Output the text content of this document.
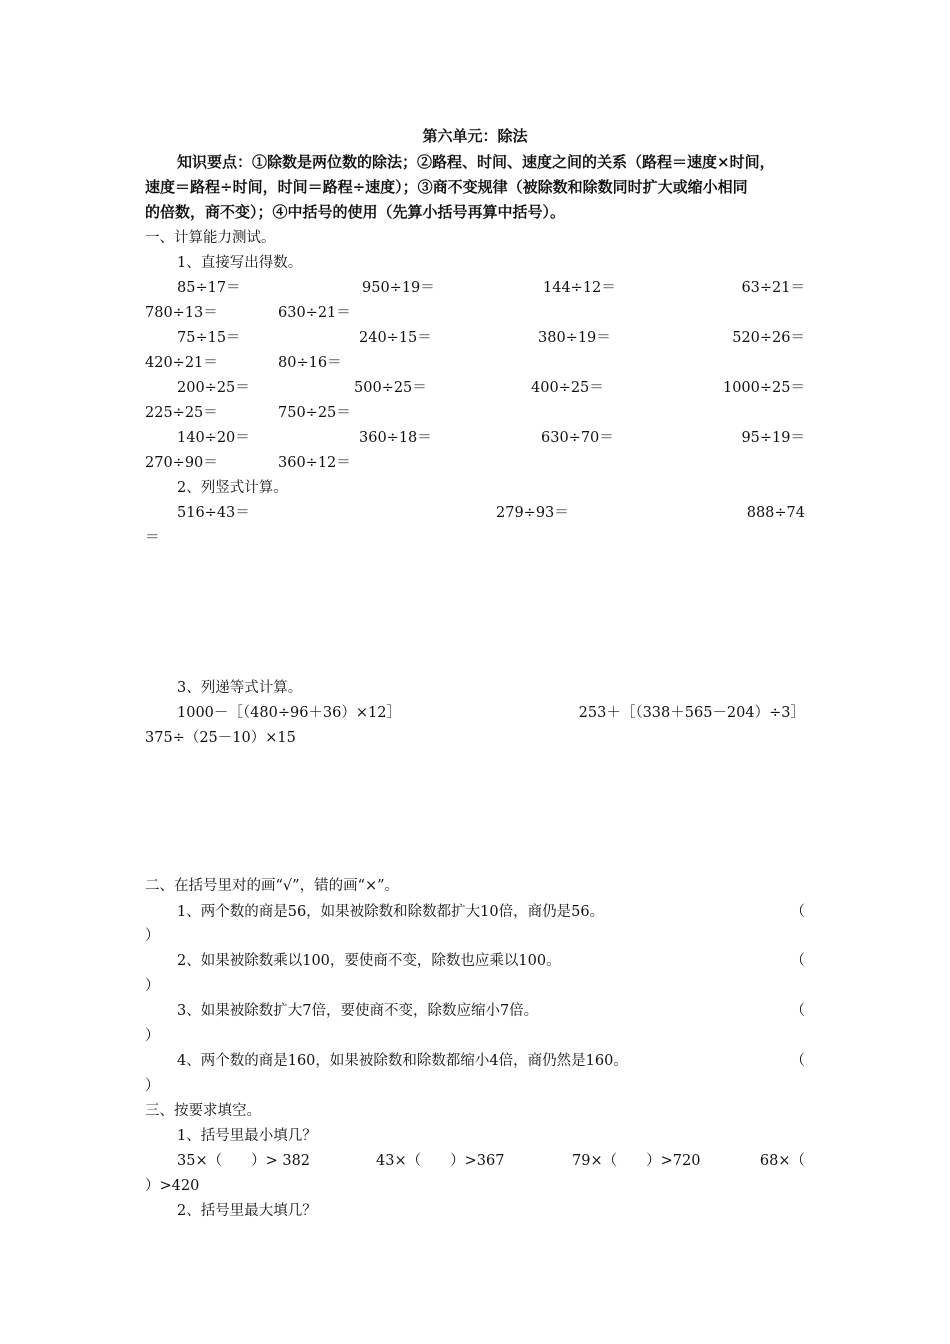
第六单元：除法
知识要点：①除数是两位数的除法；②路程、时间、速度之间的关系（路程＝速度×时间，
速度＝路程÷时间，时间＝路程÷速度）；③商不变规律（被除数和除数同时扩大或缩小相同
的倍数，商不变）；④中括号的使用（先算小括号再算中括号）。
一、计算能力测试。
1、直接写出得数。
85÷17＝	950÷19＝	144÷12＝	63÷21＝
780÷13＝	630÷21＝
75÷15＝	240÷15＝	380÷19＝	520÷26＝
420÷21＝	80÷16＝
200÷25＝	500÷25＝	400÷25＝	1000÷25＝
225÷25＝	750÷25＝
140÷20＝	360÷18＝	630÷70＝	95÷19＝
270÷90＝	360÷12＝
2、列竖式计算。
516÷43＝	279÷93＝	888÷74
＝
3、列递等式计算。
1000－［（480÷96＋36）×12］	253＋［（338＋565－204）÷3］
375÷（25－10）×15
二、在括号里对的画“√”，错的画“×”。
1、两个数的商是56，如果被除数和除数都扩大10倍，商仍是56。	（
）
2、如果被除数乘以100，要使商不变，除数也应乘以100。	（
）
3、如果被除数扩大7倍，要使商不变，除数应缩小7倍。	（
）
4、两个数的商是160，如果被除数和除数都缩小4倍，商仍然是160。	（
）
三、按要求填空。
1、括号里最小填几？
35×（　　）> 382	43×（　　）>367	79×（　　）>720	68×（
）>420
2、括号里最大填几？
